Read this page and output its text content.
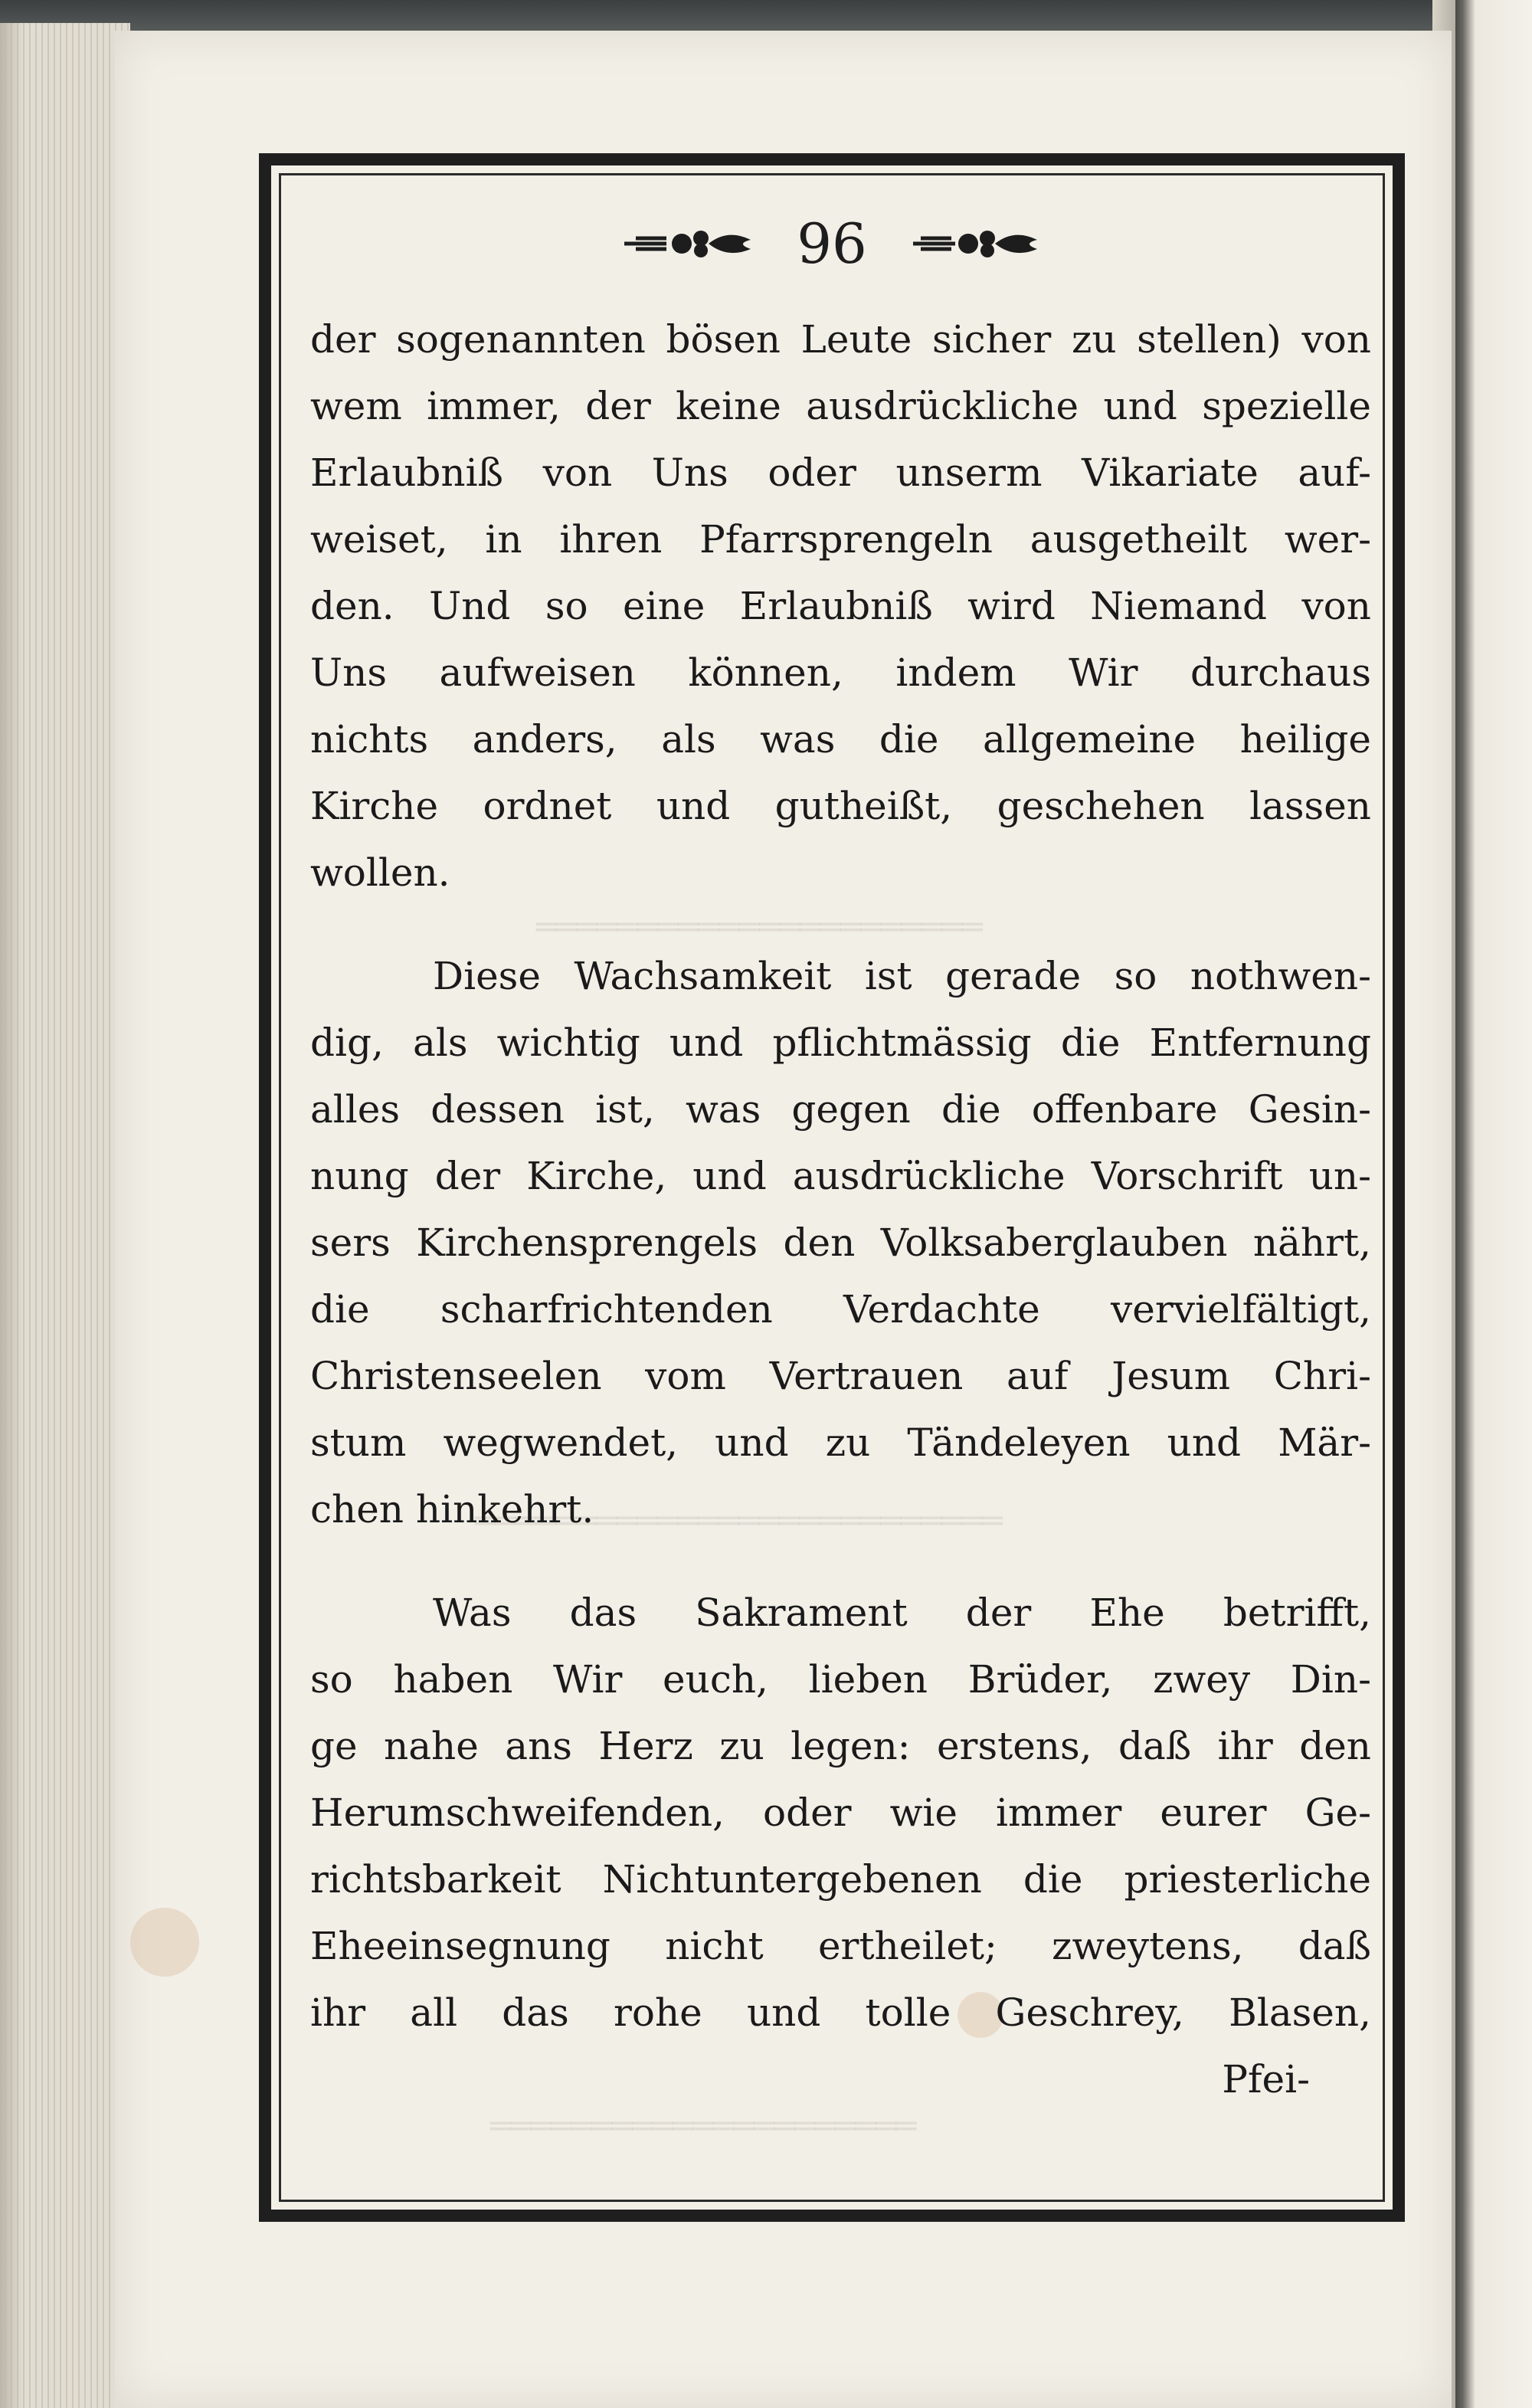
══════════════════════
══════════════════════════
═════════════════════
96
der sogenannten bösen Leute sicher zu stellen) von
wem immer, der keine ausdrückliche und spezielle
Erlaubniß von Uns oder unserm Vikariate auf-
weiset, in ihren Pfarrsprengeln ausgetheilt wer-
den. Und so eine Erlaubniß wird Niemand von
Uns aufweisen können, indem Wir durchaus
nichts anders, als was die allgemeine heilige
Kirche ordnet und gutheißt, geschehen lassen
wollen.
Diese Wachsamkeit ist gerade so nothwen-
dig, als wichtig und pflichtmässig die Entfernung
alles dessen ist, was gegen die offenbare Gesin-
nung der Kirche, und ausdrückliche Vorschrift un-
sers Kirchensprengels den Volksaberglauben nährt,
die scharfrichtenden Verdachte vervielfältigt,
Christenseelen vom Vertrauen auf Jesum Chri-
stum wegwendet, und zu Tändeleyen und Mär-
chen hinkehrt.
Was das Sakrament der Ehe betrifft,
so haben Wir euch, lieben Brüder, zwey Din-
ge nahe ans Herz zu legen: erstens, daß ihr den
Herumschweifenden, oder wie immer eurer Ge-
richtsbarkeit Nichtuntergebenen die priesterliche
Eheeinsegnung nicht ertheilet; zweytens, daß
ihr all das rohe und tolle Geschrey, Blasen,
Pfei-
